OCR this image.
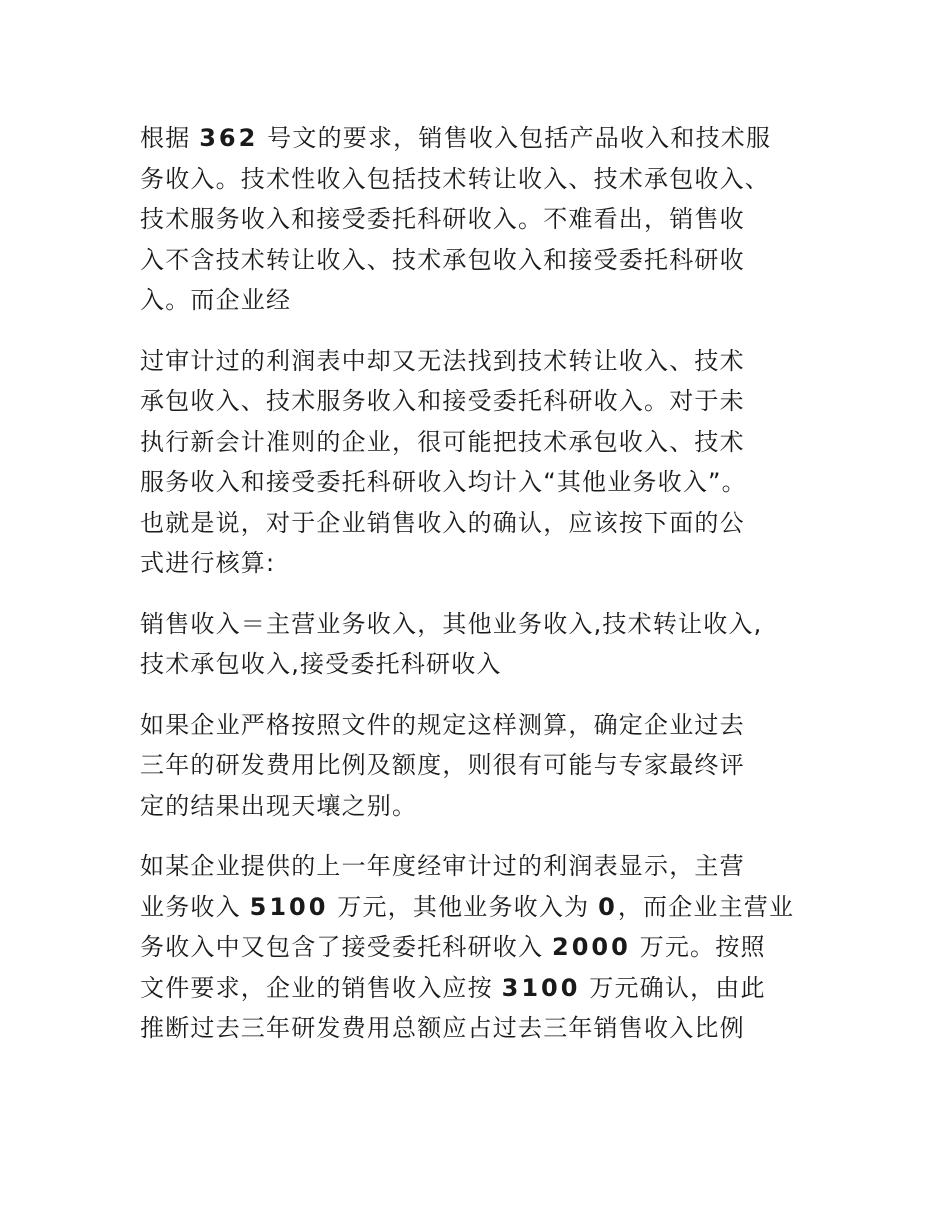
根据 362 号文的要求，销售收入包括产品收入和技术服
务收入。技术性收入包括技术转让收入、技术承包收入、
技术服务收入和接受委托科研收入。不难看出，销售收
入不含技术转让收入、技术承包收入和接受委托科研收
入。而企业经
过审计过的利润表中却又无法找到技术转让收入、技术
承包收入、技术服务收入和接受委托科研收入。对于未
执行新会计准则的企业，很可能把技术承包收入、技术
服务收入和接受委托科研收入均计入“其他业务收入”。
也就是说，对于企业销售收入的确认，应该按下面的公
式进行核算:
销售收入＝主营业务收入，其他业务收入,技术转让收入,
技术承包收入,接受委托科研收入
如果企业严格按照文件的规定这样测算，确定企业过去
三年的研发费用比例及额度，则很有可能与专家最终评
定的结果出现天壤之别。
如某企业提供的上一年度经审计过的利润表显示，主营
业务收入 5100 万元，其他业务收入为 0，而企业主营业
务收入中又包含了接受委托科研收入 2000 万元。按照
文件要求，企业的销售收入应按 3100 万元确认，由此
推断过去三年研发费用总额应占过去三年销售收入比例
